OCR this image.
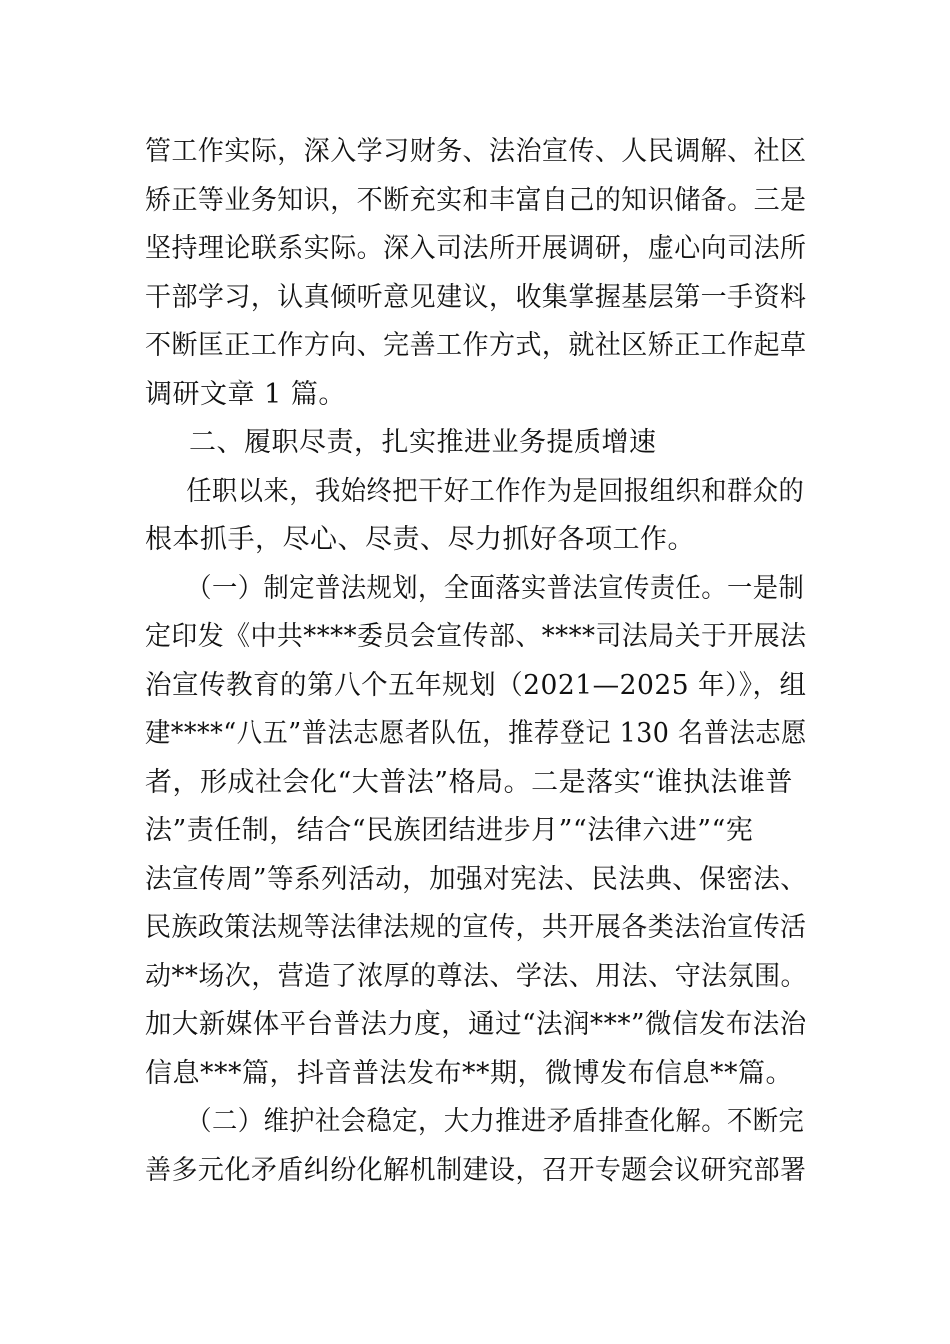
管工作实际，深入学习财务、法治宣传、人民调解、社区
矫正等业务知识，不断充实和丰富自己的知识储备。三是
坚持理论联系实际。深入司法所开展调研，虚心向司法所
干部学习，认真倾听意见建议，收集掌握基层第一手资料
不断匡正工作方向、完善工作方式，就社区矫正工作起草
调研文章 1 篇。
二、履职尽责，扎实推进业务提质增速
任职以来，我始终把干好工作作为是回报组织和群众的
根本抓手，尽心、尽责、尽力抓好各项工作。
（一）制定普法规划，全面落实普法宣传责任。一是制
定印发《中共****委员会宣传部、****司法局关于开展法
治宣传教育的第八个五年规划（2021—2025 年）》，组
建****“八五”普法志愿者队伍，推荐登记 130 名普法志愿
者，形成社会化“大普法”格局。二是落实“谁执法谁普
法”责任制，结合“民族团结进步月”“法律六进”“宪
法宣传周”等系列活动，加强对宪法、民法典、保密法、
民族政策法规等法律法规的宣传，共开展各类法治宣传活
动**场次，营造了浓厚的尊法、学法、用法、守法氛围。
加大新媒体平台普法力度，通过“法润***”微信发布法治
信息***篇，抖音普法发布**期，微博发布信息**篇。
（二）维护社会稳定，大力推进矛盾排查化解。不断完
善多元化矛盾纠纷化解机制建设，召开专题会议研究部署
